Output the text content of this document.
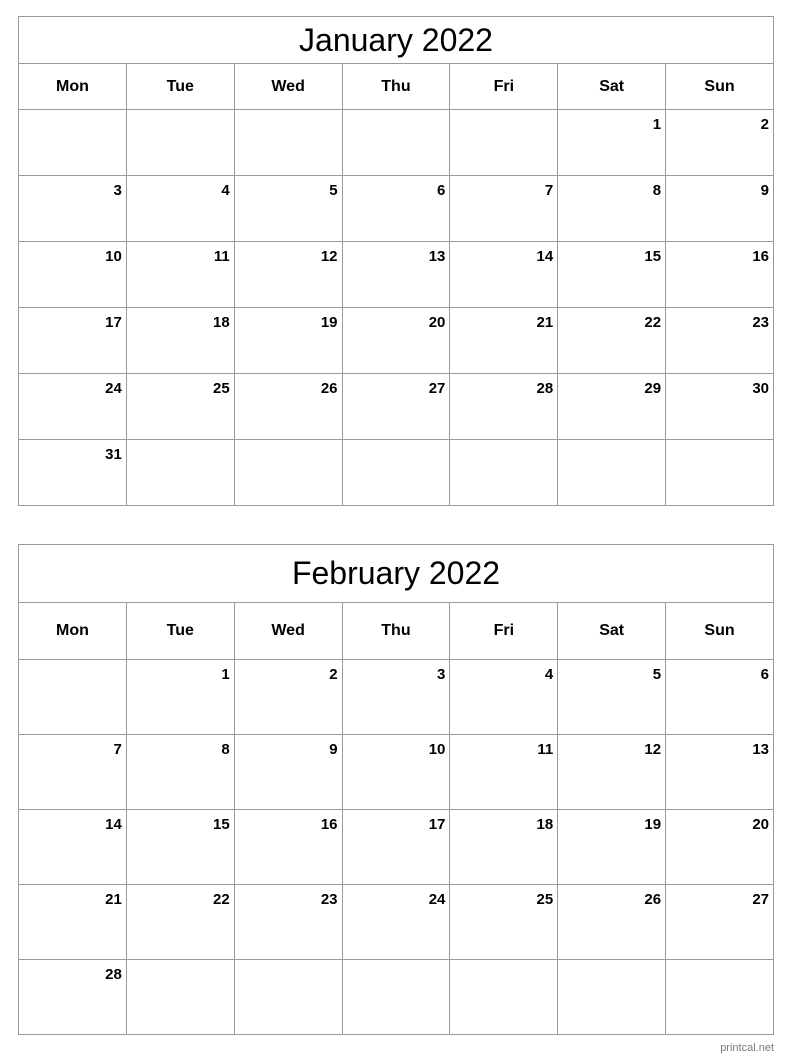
January 2022						
Mon	Tue	Wed	Thu	Fri	Sat	Sun
					1	2
3	4	5	6	7	8	9
10	11	12	13	14	15	16
17	18	19	20	21	22	23
24	25	26	27	28	29	30
31						
February 2022						
Mon	Tue	Wed	Thu	Fri	Sat	Sun
	1	2	3	4	5	6
7	8	9	10	11	12	13
14	15	16	17	18	19	20
21	22	23	24	25	26	27
28						
printcal.net
